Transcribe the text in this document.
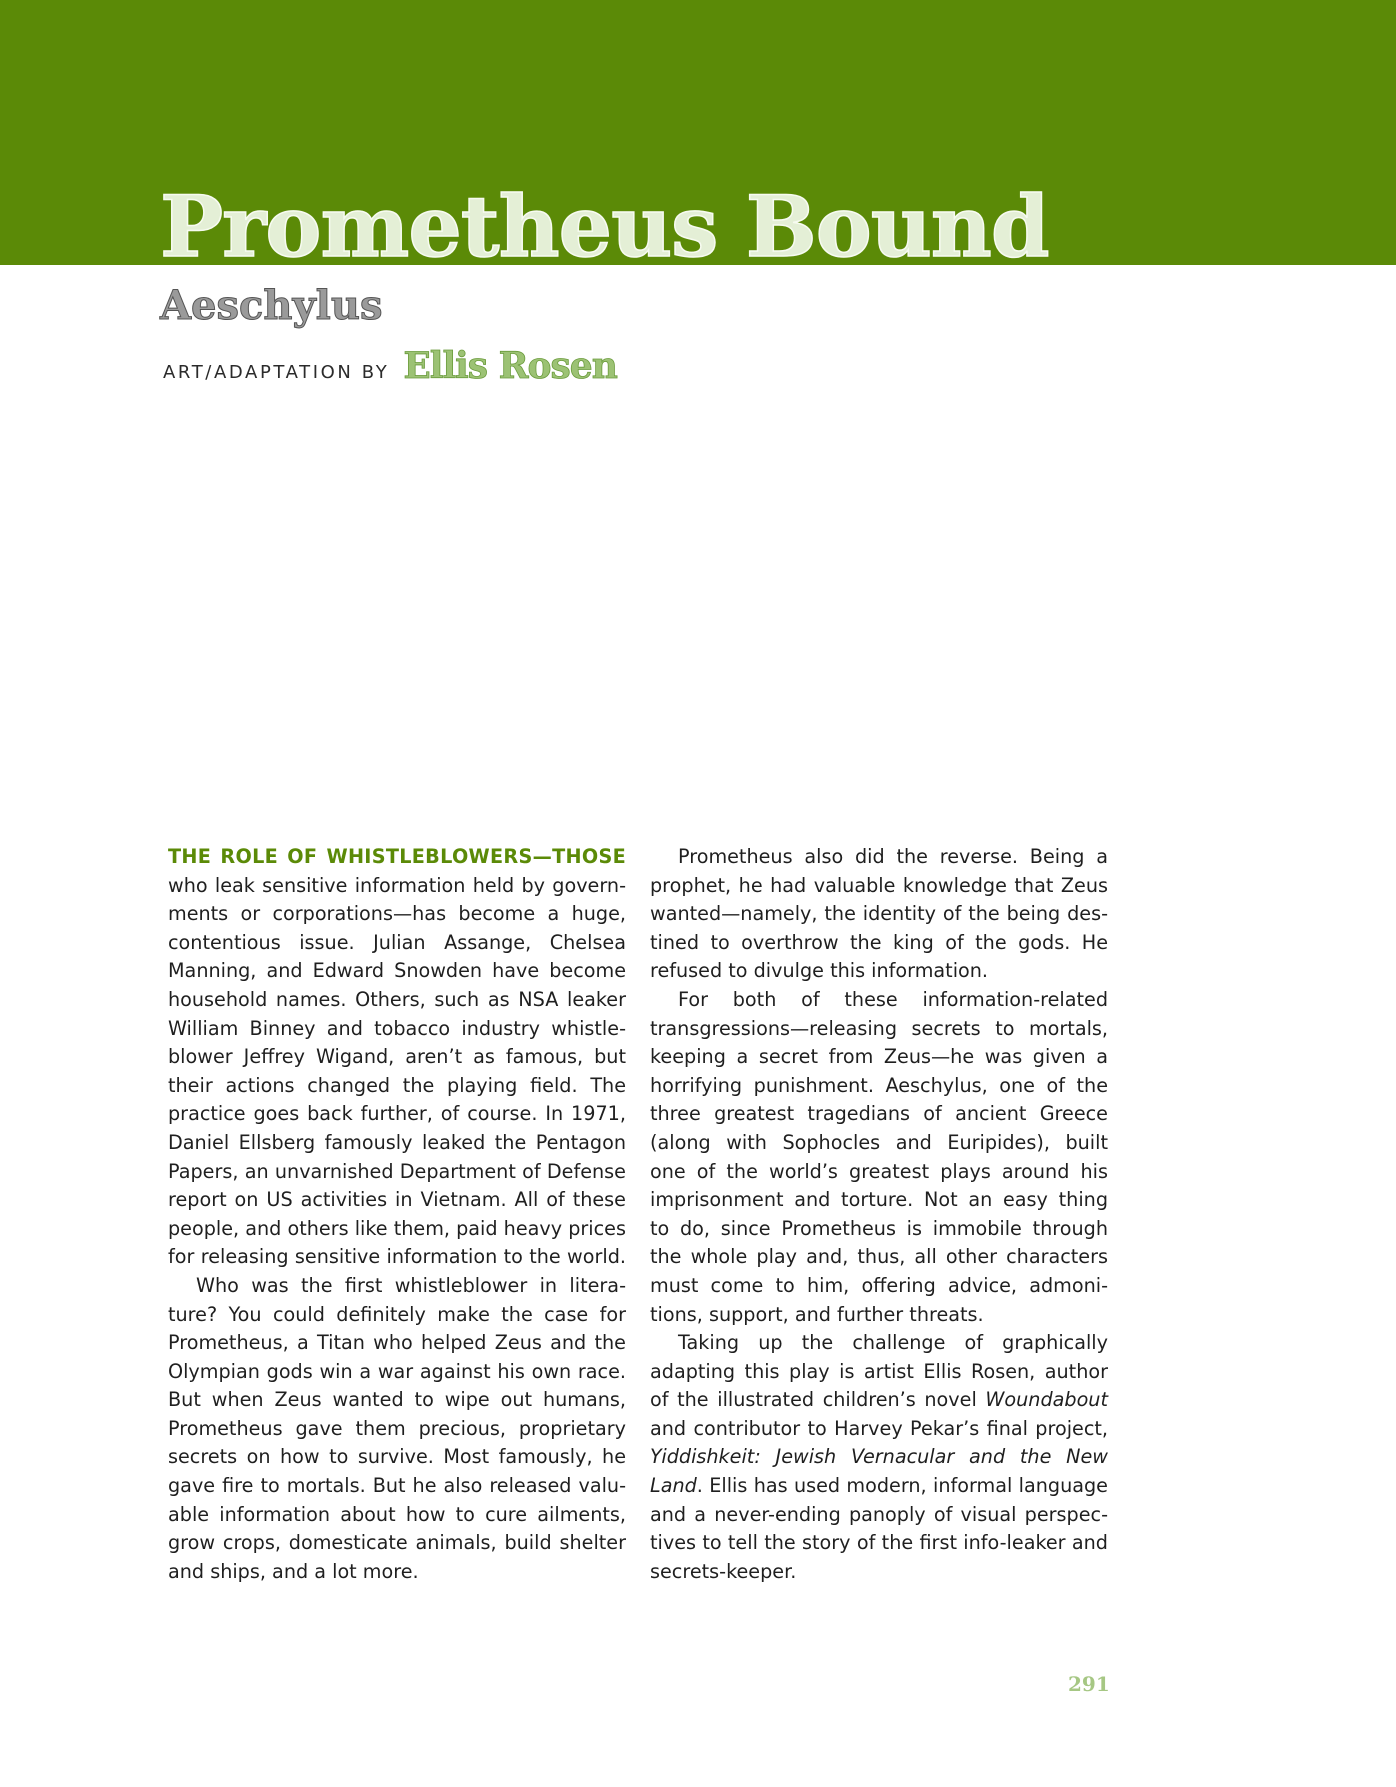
Prometheus Bound
Aeschylus
ART/ADAPTATION BY Ellis Rosen
THE ROLE OF WHISTLEBLOWERS—THOSE
who leak sensitive information held by govern-
ments or corporations—has become a huge,
contentious issue. Julian Assange, Chelsea
Manning, and Edward Snowden have become
household names. Others, such as NSA leaker
William Binney and tobacco industry whistle-
blower Jeffrey Wigand, aren’t as famous, but
their actions changed the playing field. The
practice goes back further, of course. In 1971,
Daniel Ellsberg famously leaked the Pentagon
Papers, an unvarnished Department of Defense
report on US activities in Vietnam. All of these
people, and others like them, paid heavy prices
for releasing sensitive information to the world.
Who was the first whistleblower in litera-
ture? You could definitely make the case for
Prometheus, a Titan who helped Zeus and the
Olympian gods win a war against his own race.
But when Zeus wanted to wipe out humans,
Prometheus gave them precious, proprietary
secrets on how to survive. Most famously, he
gave fire to mortals. But he also released valu-
able information about how to cure ailments,
grow crops, domesticate animals, build shelter
and ships, and a lot more.
Prometheus also did the reverse. Being a
prophet, he had valuable knowledge that Zeus
wanted—namely, the identity of the being des-
tined to overthrow the king of the gods. He
refused to divulge this information.
For both of these information-related
transgressions—releasing secrets to mortals,
keeping a secret from Zeus—he was given a
horrifying punishment. Aeschylus, one of the
three greatest tragedians of ancient Greece
(along with Sophocles and Euripides), built
one of the world’s greatest plays around his
imprisonment and torture. Not an easy thing
to do, since Prometheus is immobile through
the whole play and, thus, all other characters
must come to him, offering advice, admoni-
tions, support, and further threats.
Taking up the challenge of graphically
adapting this play is artist Ellis Rosen, author
of the illustrated children’s novel Woundabout
and contributor to Harvey Pekar’s final project,
Yiddishkeit: Jewish Vernacular and the New
Land. Ellis has used modern, informal language
and a never-ending panoply of visual perspec-
tives to tell the story of the first info-leaker and
secrets-keeper.
291
